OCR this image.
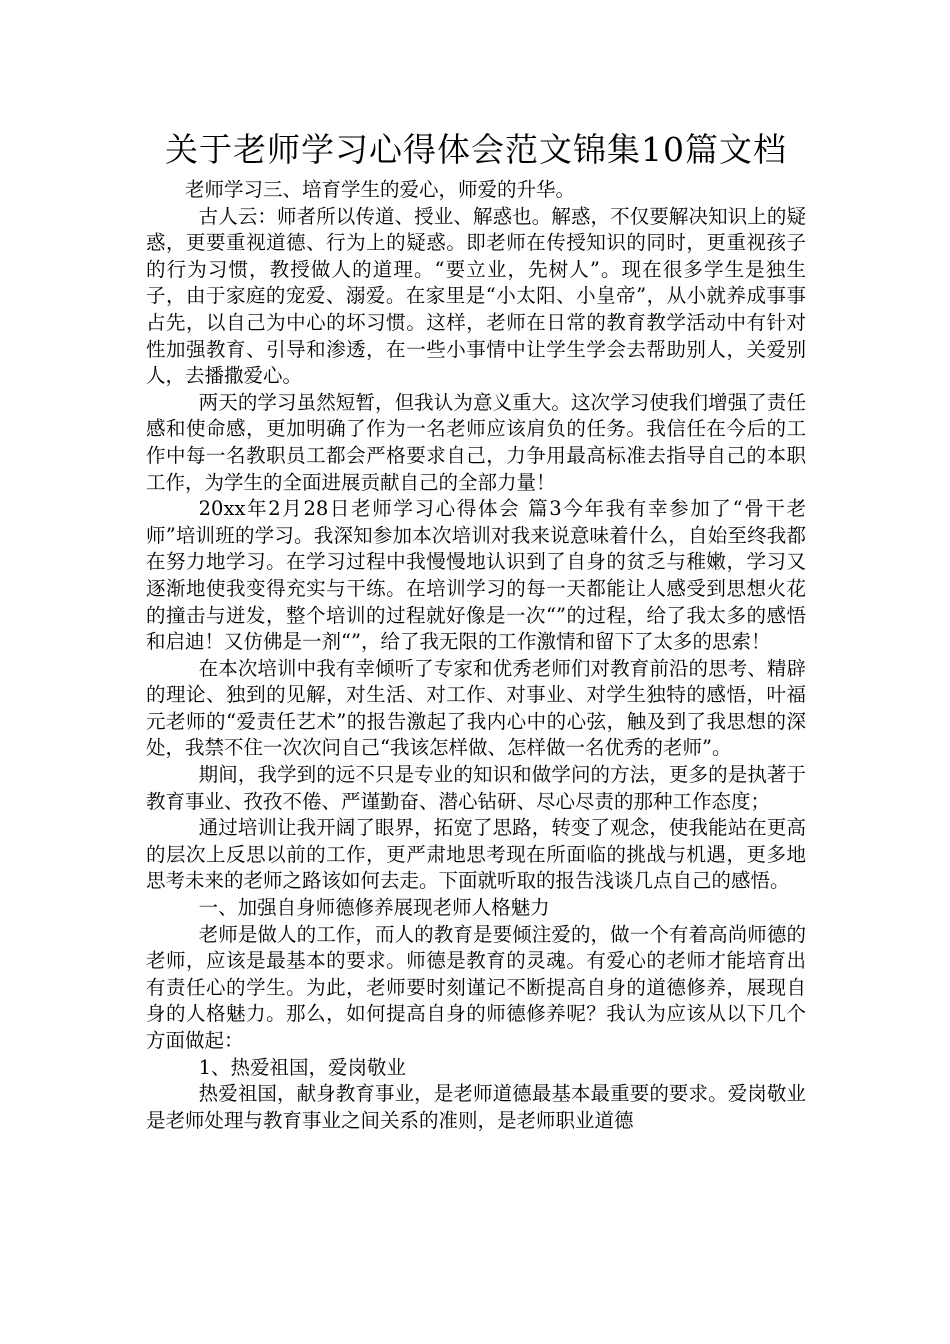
关于老师学习心得体会范文锦集10篇文档

老师学习三、培育学生的爱心，师爱的升华。

古人云：师者所以传道、授业、解惑也。解惑，不仅要解决知识上的疑惑，更要重视道德、行为上的疑惑。即老师在传授知识的同时，更重视孩子的行为习惯，教授做人的道理。“要立业，先树人”。现在很多学生是独生子，由于家庭的宠爱、溺爱。在家里是“小太阳、小皇帝”，从小就养成事事占先，以自己为中心的坏习惯。这样，老师在日常的教育教学活动中有针对性加强教育、引导和渗透，在一些小事情中让学生学会去帮助别人，关爱别人，去播撒爱心。

两天的学习虽然短暂，但我认为意义重大。这次学习使我们增强了责任感和使命感，更加明确了作为一名老师应该肩负的任务。我信任在今后的工作中每一名教职员工都会严格要求自己，力争用最高标准去指导自己的本职工作，为学生的全面进展贡献自己的全部力量！

20xx年2月28日老师学习心得体会 篇3今年我有幸参加了“骨干老师”培训班的学习。我深知参加本次培训对我来说意味着什么，自始至终我都在努力地学习。在学习过程中我慢慢地认识到了自身的贫乏与稚嫩，学习又逐渐地使我变得充实与干练。在培训学习的每一天都能让人感受到思想火花的撞击与迸发，整个培训的过程就好像是一次“”的过程，给了我太多的感悟和启迪！又仿佛是一剂“”，给了我无限的工作激情和留下了太多的思索！

在本次培训中我有幸倾听了专家和优秀老师们对教育前沿的思考、精辟的理论、独到的见解，对生活、对工作、对事业、对学生独特的感悟，叶福元老师的“爱责任艺术”的报告激起了我内心中的心弦，触及到了我思想的深处，我禁不住一次次问自己“我该怎样做、怎样做一名优秀的老师”。

期间，我学到的远不只是专业的知识和做学问的方法，更多的是执著于教育事业、孜孜不倦、严谨勤奋、潜心钻研、尽心尽责的那种工作态度；

通过培训让我开阔了眼界，拓宽了思路，转变了观念，使我能站在更高的层次上反思以前的工作，更严肃地思考现在所面临的挑战与机遇，更多地思考未来的老师之路该如何去走。下面就听取的报告浅谈几点自己的感悟。

一、加强自身师德修养展现老师人格魅力

老师是做人的工作，而人的教育是要倾注爱的，做一个有着高尚师德的老师，应该是最基本的要求。师德是教育的灵魂。有爱心的老师才能培育出有责任心的学生。为此，老师要时刻谨记不断提高自身的道德修养，展现自身的人格魅力。那么，如何提高自身的师德修养呢？我认为应该从以下几个方面做起：

1、热爱祖国，爱岗敬业

热爱祖国，献身教育事业，是老师道德最基本最重要的要求。爱岗敬业是老师处理与教育事业之间关系的准则，是老师职业道德
